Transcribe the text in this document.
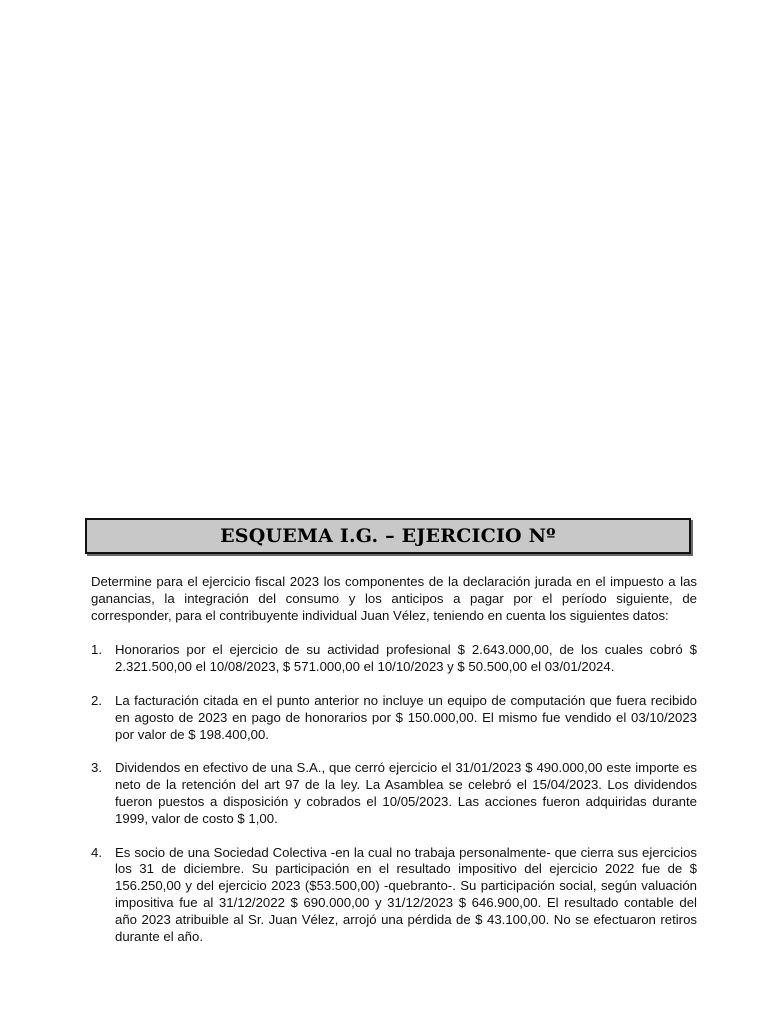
ESQUEMA I.G. – EJERCICIO Nº

Determine para el ejercicio fiscal 2023 los componentes de la declaración jurada en el impuesto a las ganancias, la integración del consumo y los anticipos a pagar por el período siguiente, de corresponder, para el contribuyente individual Juan Vélez, teniendo en cuenta los siguientes datos:

1. Honorarios por el ejercicio de su actividad profesional $ 2.643.000,00, de los cuales cobró $ 2.321.500,00 el 10/08/2023, $ 571.000,00 el 10/10/2023 y $ 50.500,00 el 03/01/2024.
2. La facturación citada en el punto anterior no incluye un equipo de computación que fuera recibido en agosto de 2023 en pago de honorarios por $ 150.000,00. El mismo fue vendido el 03/10/2023 por valor de $ 198.400,00.
3. Dividendos en efectivo de una S.A., que cerró ejercicio el 31/01/2023 $ 490.000,00 este importe es neto de la retención del art 97 de la ley. La Asamblea se celebró el 15/04/2023. Los dividendos fueron puestos a disposición y cobrados el 10/05/2023. Las acciones fueron adquiridas durante 1999, valor de costo $ 1,00.
4. Es socio de una Sociedad Colectiva -en la cual no trabaja personalmente- que cierra sus ejercicios los 31 de diciembre. Su participación en el resultado impositivo del ejercicio 2022 fue de $ 156.250,00 y del ejercicio 2023 ($53.500,00) -quebranto-. Su participación social, según valuación impositiva fue al 31/12/2022 $ 690.000,00 y 31/12/2023 $ 646.900,00. El resultado contable del año 2023 atribuible al Sr. Juan Vélez, arrojó una pérdida de $ 43.100,00. No se efectuaron retiros durante el año.
